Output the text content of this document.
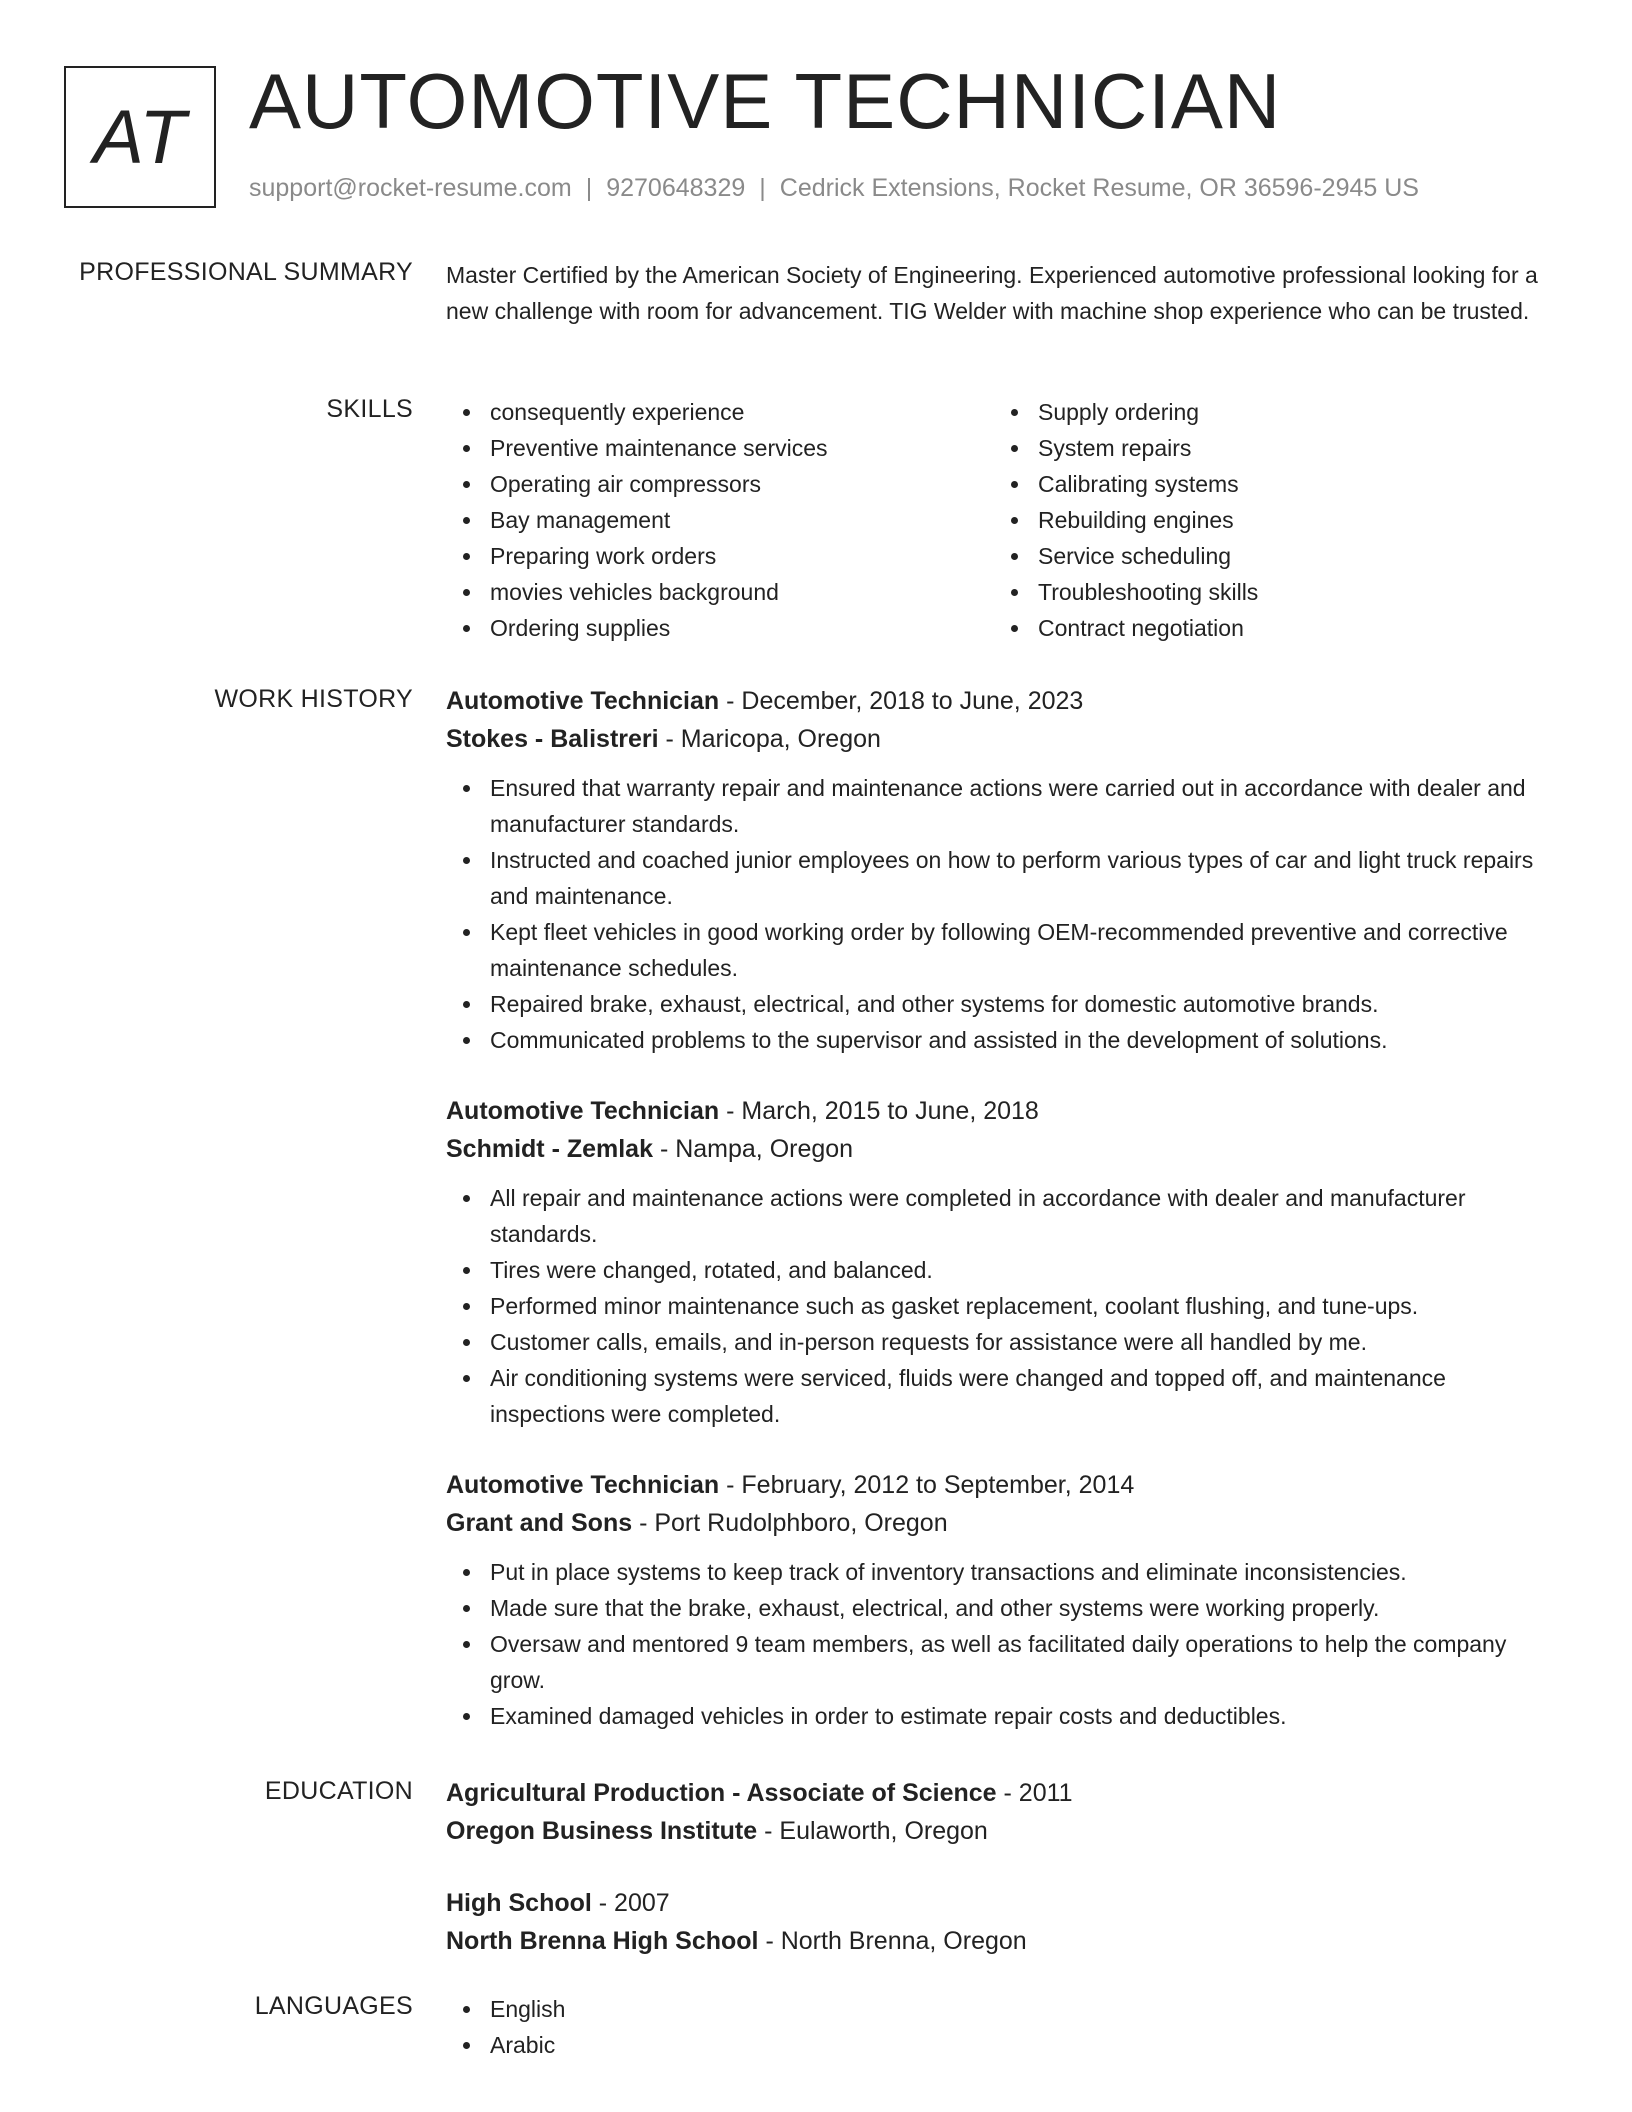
AT AUTOMOTIVE TECHNICIAN
support@rocket-resume.com | 9270648329 | Cedrick Extensions, Rocket Resume, OR 36596-2945 US
PROFESSIONAL SUMMARY Master Certified by the American Society of Engineering. Experienced automotive professional looking for a new challenge with room for advancement. TIG Welder with machine shop experience who can be trusted.
SKILLS	consequently experience
Preventive maintenance services
Operating air compressors
Bay management
Preparing work orders
movies vehicles background
Ordering supplies
Supply ordering
System repairs
Calibrating systems
Rebuilding engines
Service scheduling
Troubleshooting skills
Contract negotiation
WORK HISTORY Automotive Technician - December, 2018 to June, 2023
Stokes - Balistreri - Maricopa, Oregon
Ensured that warranty repair and maintenance actions were carried out in accordance with dealer and manufacturer standards.
Instructed and coached junior employees on how to perform various types of car and light truck repairs and maintenance.
Kept fleet vehicles in good working order by following OEM-recommended preventive and corrective maintenance schedules.
Repaired brake, exhaust, electrical, and other systems for domestic automotive brands.
Communicated problems to the supervisor and assisted in the development of solutions.
Automotive Technician - March, 2015 to June, 2018
Schmidt - Zemlak - Nampa, Oregon
All repair and maintenance actions were completed in accordance with dealer and manufacturer standards.
Tires were changed, rotated, and balanced.
Performed minor maintenance such as gasket replacement, coolant flushing, and tune-ups.
Customer calls, emails, and in-person requests for assistance were all handled by me.
Air conditioning systems were serviced, fluids were changed and topped off, and maintenance inspections were completed.
Automotive Technician - February, 2012 to September, 2014
Grant and Sons - Port Rudolphboro, Oregon
Put in place systems to keep track of inventory transactions and eliminate inconsistencies.
Made sure that the brake, exhaust, electrical, and other systems were working properly.
Oversaw and mentored 9 team members, as well as facilitated daily operations to help the company grow.
Examined damaged vehicles in order to estimate repair costs and deductibles.
EDUCATION Agricultural Production - Associate of Science - 2011
Oregon Business Institute - Eulaworth, Oregon
High School - 2007
North Brenna High School - North Brenna, Oregon
LANGUAGES	English
Arabic
